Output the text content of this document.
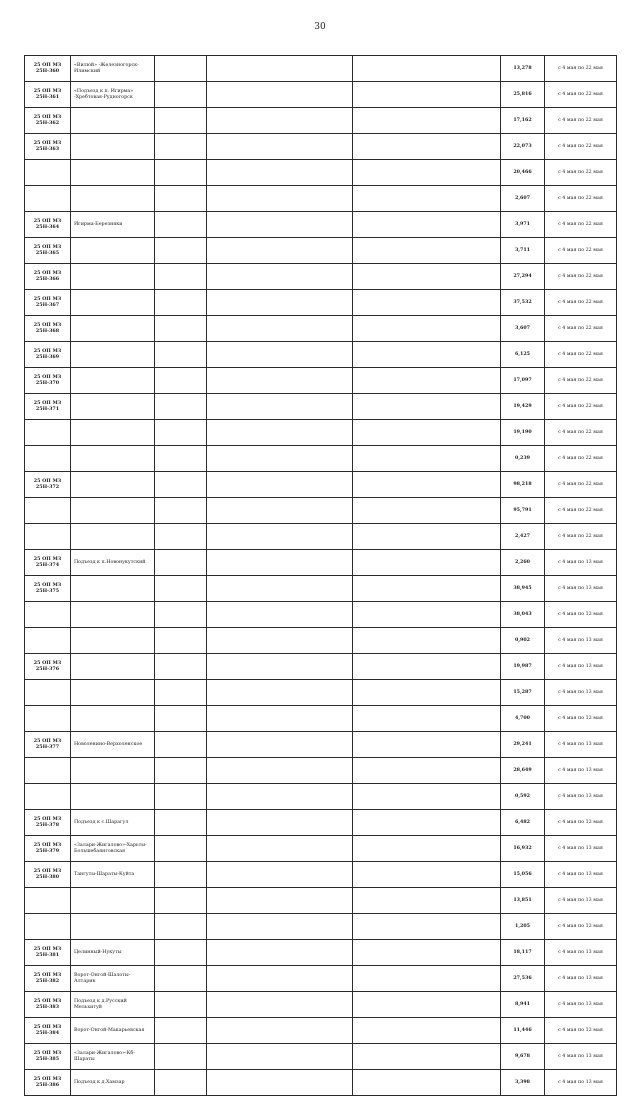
30
25 ОП МЗ 25Н-360	«Вилюй» -Железногорск-Илимский				13,278	с 4 мая по 22 мая
25 ОП МЗ 25Н-361	«Подъезд к п. Игирма» -Хребтовая-Рудногорск				25,816	с 4 мая по 22 мая
25 ОП МЗ 25Н-362					17,162	с 4 мая по 22 мая
25 ОП МЗ 25Н-363					22,073	с 4 мая по 22 мая
					20,466	с 4 мая по 22 мая
					2,607	с 4 мая по 22 мая
25 ОП МЗ 25Н-364	Игирма-Березняки				3,971	с 4 мая по 22 мая
25 ОП МЗ 25Н-365					3,711	с 4 мая по 22 мая
25 ОП МЗ 25Н-366					27,294	с 4 мая по 22 мая
25 ОП МЗ 25Н-367					37,532	с 4 мая по 22 мая
25 ОП МЗ 25Н-368					3,607	с 4 мая по 22 мая
25 ОП МЗ 25Н-369					6,125	с 4 мая по 22 мая
25 ОП МЗ 25Н-370					17,097	с 4 мая по 22 мая
25 ОП МЗ 25Н-371					19,429	с 4 мая по 22 мая
					19,190	с 4 мая по 22 мая
					0,239	с 4 мая по 22 мая
25 ОП МЗ 25Н-372					98,218	с 4 мая по 22 мая
					95,791	с 4 мая по 22 мая
					2,427	с 4 мая по 22 мая
25 ОП МЗ 25Н-374	Подъезд к п.Новонукутский				2,260	с 4 мая по 13 мая
25 ОП МЗ 25Н-375					38,945	с 4 мая по 13 мая
					38,043	с 4 мая по 13 мая
					0,902	с 4 мая по 13 мая
25 ОП МЗ 25Н-376					19,987	с 4 мая по 13 мая
					15,287	с 4 мая по 13 мая
					4,700	с 4 мая по 13 мая
25 ОП МЗ 25Н-377	Новоленино-Верхоленское				29,241	с 4 мая по 13 мая
					28,649	с 4 мая по 13 мая
					0,592	с 4 мая по 13 мая
25 ОП МЗ 25Н-378	Подъезд к с.Шарагул				6,482	с 4 мая по 13 мая
25 ОП МЗ 25Н-379	«Залари-Жигалово»-Харьты-Большебаянговская				16,932	с 4 мая по 13 мая
25 ОП МЗ 25Н-380	Тангуты-Шараты-Куйта				15,056	с 4 мая по 13 мая
					13,851	с 4 мая по 13 мая
					1,205	с 4 мая по 13 мая
25 ОП МЗ 25Н-381	Целинный-Нукуты				18,117	с 4 мая по 13 мая
25 ОП МЗ 25Н-382	Ворот-Онгой-Шалоты-Алтарик				27,536	с 4 мая по 13 мая
25 ОП МЗ 25Н-383	Подъезд к д.Русский Мельхитуй				8,941	с 4 мая по 13 мая
25 ОП МЗ 25Н-384	Ворот-Онгой-Макарьевская				11,446	с 4 мая по 13 мая
25 ОП МЗ 25Н-385	«Залари-Жигалово»-Кб-Шараты				9,678	с 4 мая по 13 мая
25 ОП МЗ 25Н-386	Подъезд к д.Хамзар				3,398	с 4 мая по 13 мая
